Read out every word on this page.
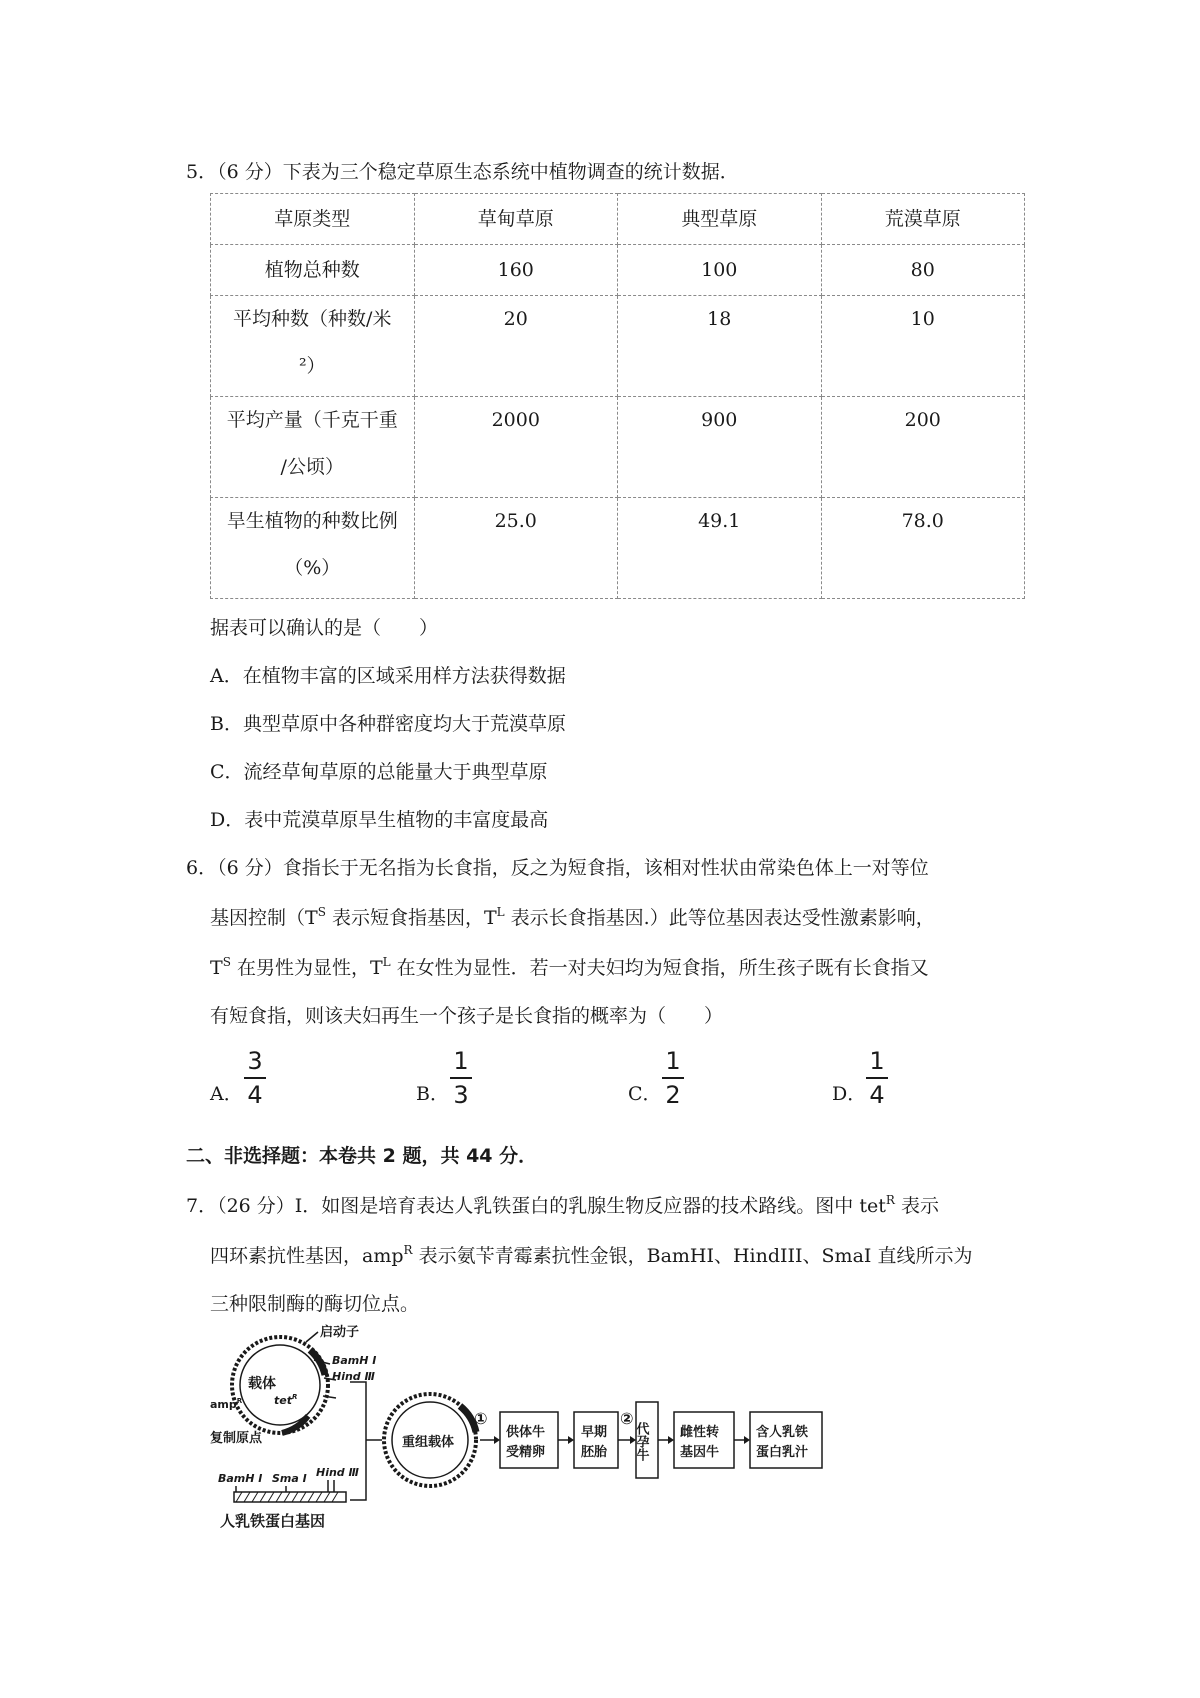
5．（6 分）下表为三个稳定草原生态系统中植物调查的统计数据．
草原类型	草甸草原	典型草原	荒漠草原
植物总种数	160	100	80
平均种数（种数/米
²）	20	18	10
平均产量（千克干重
/公顷）	2000	900	200
旱生植物的种数比例
（%）	25.0	49.1	78.0
据表可以确认的是（　　）
A．在植物丰富的区域采用样方法获得数据
B．典型草原中各种群密度均大于荒漠草原
C．流经草甸草原的总能量大于典型草原
D．表中荒漠草原旱生植物的丰富度最高
6．（6 分）食指长于无名指为长食指，反之为短食指，该相对性状由常染色体上一对等位
基因控制（$T^S$ 表示短食指基因，$T^L$ 表示长食指基因.）此等位基因表达受性激素影响，
$T^S$ 在男性为显性，$T^L$ 在女性为显性．若一对夫妇均为短食指，所生孩子既有长食指又
有短食指，则该夫妇再生一个孩子是长食指的概率为（　　）
A．
3
4	B．
1
3	C．
1
2	D．
1
4
二、非选择题：本卷共 2 题，共 44 分．
7．（26 分）Ⅰ．如图是培育表达人乳铁蛋白的乳腺生物反应器的技术路线。图中 tet$^R$ 表示
四环素抗性基因，amp$^R$ 表示氨苄青霉素抗性金银，BamHI、HindIII、SmaI 直线所示为
三种限制酶的酶切位点。
载体
tet$^R$
启动子
BamH I
Hind Ⅲ
amp$^R$
复制原点
BamH I Sma I Hind Ⅲ
人乳铁蛋白基因
重组载体
①
供体牛
受精卵
早期
胚胎
②
代孕牛 雌性转
基因牛
含人乳铁
蛋白乳汁
